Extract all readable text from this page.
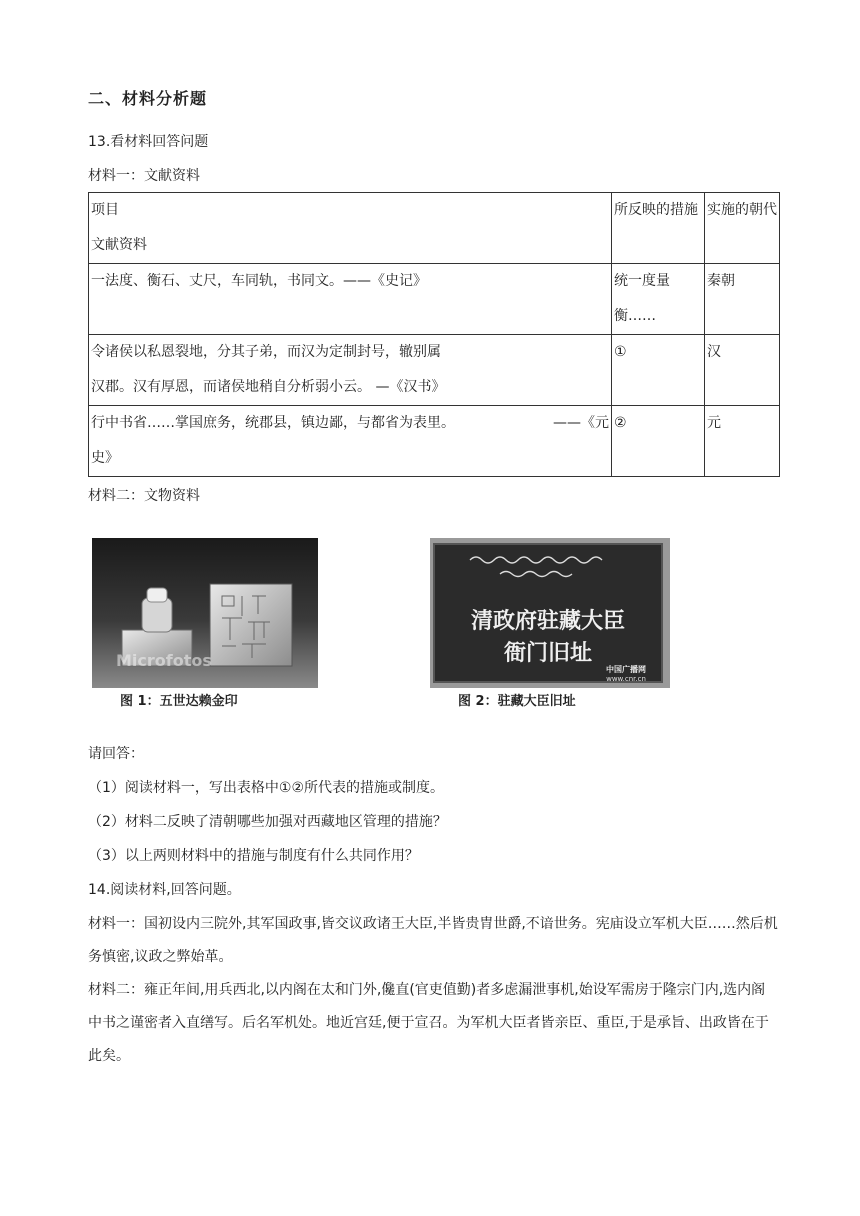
二、材料分析题
13.看材料回答问题
材料一：文献资料
项目
文献资料	所反映的措施	实施的朝代
一法度、衡石、丈尺，车同轨，书同文。——《史记》	统一度量衡……	秦朝

令诸侯以私恩裂地，分其子弟，而汉为定制封号，辙别属
汉郡。汉有厚恩，而诸侯地稍自分析弱小云。 —《汉书》	①	汉

行中书省……掌国庶务，统郡县，镇边鄙，与都省为表里。 ——《元
史》	②	元
材料二：文物资料
Microfotos
图 1：五世达赖金印
清政府驻藏大臣
衙门旧址
中国广播网
www.cnr.cn
图 2：驻藏大臣旧址
请回答：
（1）阅读材料一，写出表格中①②所代表的措施或制度。
（2）材料二反映了清朝哪些加强对西藏地区管理的措施？
（3）以上两则材料中的措施与制度有什么共同作用？
14.阅读材料,回答问题。
材料一：国初设内三院外,其军国政事,皆交议政诸王大臣,半皆贵胄世爵,不谙世务。宪庙设立军机大臣……然后机务慎密,议政之弊始革。
材料二：雍正年间,用兵西北,以内阁在太和门外,儳直(官吏值勤)者多虑漏泄事机,始设军需房于隆宗门内,选内阁中书之谨密者入直缮写。后名军机处。地近宫廷,便于宣召。为军机大臣者皆亲臣、重臣,于是承旨、出政皆在于此矣。
